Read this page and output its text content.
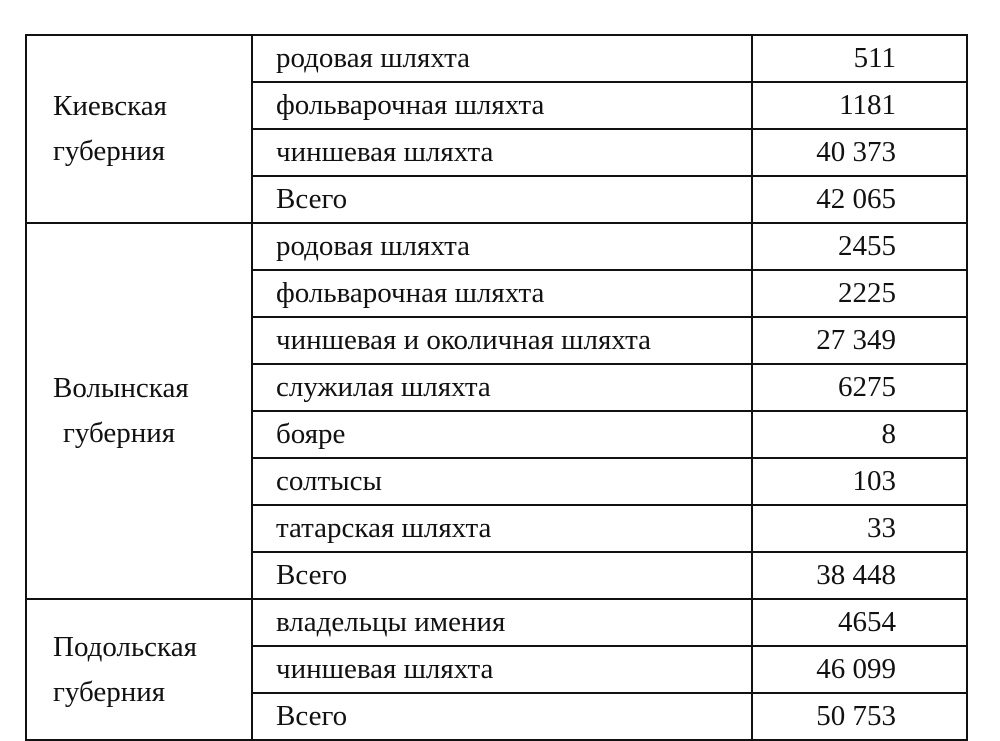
Киевская
губерния	родовая шляхта	511
	фольварочная шляхта	1181
	чиншевая шляхта	40 373
	Всего	42 065

Волынская
губерния	родовая шляхта	2455
	фольварочная шляхта	2225
	чиншевая и околичная шляхта	27 349
	служилая шляхта	6275
	бояре	8
	солтысы	103
	татарская шляхта	33
	Всего	38 448

Подольская
губерния	владельцы имения	4654
	чиншевая шляхта	46 099
	Всего	50 753
